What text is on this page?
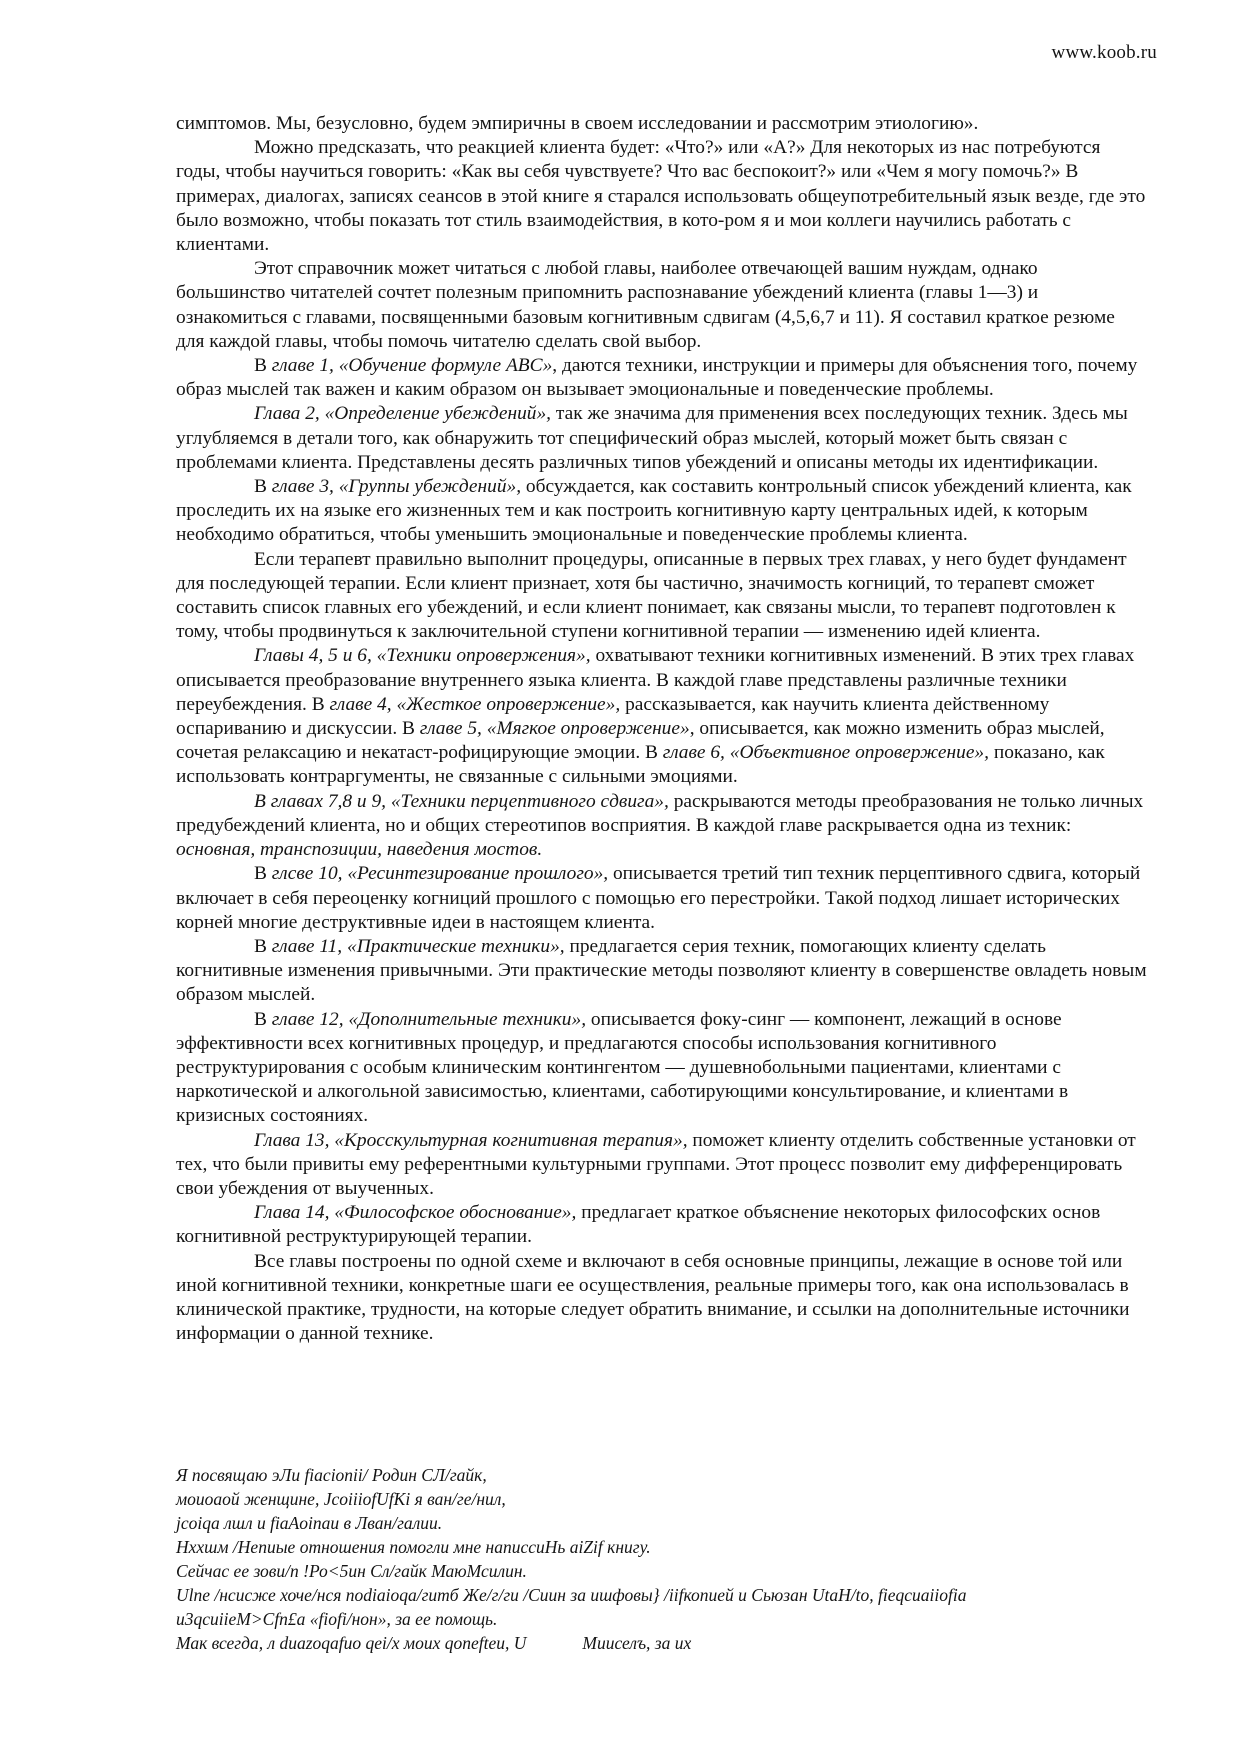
www.koob.ru

симптомов. Мы, безусловно, будем эмпиричны в своем исследовании и рассмотрим этиологию».

Можно предсказать, что реакцией клиента будет: «Что?» или «А?» Для некоторых из нас потребуются годы, чтобы научиться говорить: «Как вы себя чувствуете? Что вас беспокоит?» или «Чем я могу помочь?» В примерах, диалогах, записях сеансов в этой книге я старался использовать общеупотребительный язык везде, где это было возможно, чтобы показать тот стиль взаимодействия, в кото-ром я и мои коллеги научились работать с клиентами.

Этот справочник может читаться с любой главы, наиболее отвечающей вашим нуждам, однако большинство читателей сочтет полезным припомнить распознавание убеждений клиента (главы 1—3) и ознакомиться с главами, посвященными базовым когнитивным сдвигам (4,5,6,7 и 11). Я составил краткое резюме для каждой главы, чтобы помочь читателю сделать свой выбор.

В главе 1, «Обучение формуле ABC», даются техники, инструкции и примеры для объяснения того, почему образ мыслей так важен и каким образом он вызывает эмоциональные и поведенческие проблемы.

Глава 2, «Определение убеждений», так же значима для применения всех последующих техник. Здесь мы углубляемся в детали того, как обнаружить тот специфический образ мыслей, который может быть связан с проблемами клиента. Представлены десять различных типов убеждений и описаны методы их идентификации.

В главе 3, «Группы убеждений», обсуждается, как составить контрольный список убеждений клиента, как проследить их на языке его жизненных тем и как построить когнитивную карту центральных идей, к которым необходимо обратиться, чтобы уменьшить эмоциональные и поведенческие проблемы клиента.

Если терапевт правильно выполнит процедуры, описанные в первых трех главах, у него будет фундамент для последующей терапии. Если клиент признает, хотя бы частично, значимость когниций, то терапевт сможет составить список главных его убеждений, и если клиент понимает, как связаны мысли, то терапевт подготовлен к тому, чтобы продвинуться к заключительной ступени когнитивной терапии — изменению идей клиента.

Главы 4, 5 и 6, «Техники опровержения», охватывают техники когнитивных изменений. В этих трех главах описывается преобразование внутреннего языка клиента. В каждой главе представлены различные техники переубеждения. В главе 4, «Жесткое опровержение», рассказывается, как научить клиента действенному оспариванию и дискуссии. В главе 5, «Мягкое опровержение», описывается, как можно изменить образ мыслей, сочетая релаксацию и некатаст-рофицирующие эмоции. В главе 6, «Объективное опровержение», показано, как использовать контраргументы, не связанные с сильными эмоциями.

В главах 7,8 и 9, «Техники перцептивного сдвига», раскрываются методы преобразования не только личных предубеждений клиента, но и общих стереотипов восприятия. В каждой главе раскрывается одна из техник: основная, транспозиции, наведения мостов.

В глсве 10, «Ресинтезирование прошлого», описывается третий тип техник перцептивного сдвига, который включает в себя переоценку когниций прошлого с помощью его перестройки. Такой подход лишает исторических корней многие деструктивные идеи в настоящем клиента.

В главе 11, «Практические техники», предлагается серия техник, помогающих клиенту сделать когнитивные изменения привычными. Эти практические методы позволяют клиенту в совершенстве овладеть новым образом мыслей.

В главе 12, «Дополнительные техники», описывается фоку-синг — компонент, лежащий в основе эффективности всех когнитивных процедур, и предлагаются способы использования когнитивного реструктурирования с особым клиническим контингентом — душевнобольными пациентами, клиентами с наркотической и алкогольной зависимостью, клиентами, саботирующими консультирование, и клиентами в кризисных состояниях.

Глава 13, «Кросскультурная когнитивная терапия», поможет клиенту отделить собственные установки от тех, что были привиты ему референтными культурными группами. Этот процесс позволит ему дифференцировать свои убеждения от выученных.

Глава 14, «Философское обоснование», предлагает краткое объяснение некоторых философских основ когнитивной реструктурирующей терапии.

Все главы построены по одной схеме и включают в себя основные принципы, лежащие в основе той или иной когнитивной техники, конкретные шаги ее осуществления, реальные примеры того, как она использовалась в клинической практике, трудности, на которые следует обратить внимание, и ссылки на дополнительные источники информации о данной технике.

Я посвящаю эЛи fiacionii/ Родин СЛ/гайк,
моиоаой женщине, JcoiiiofUfKi я ван/ге/нил,
jcoiqa лшл и fiaAoinau в Лван/галии.
Нххшм /Непиые отношения помогли мне написсиНь aiZif книгу.
Сейчас ее зови/n !Ро<5ин Сл/гайк МаюМсилин.
Ulne /нсисже хоче/нся nodiaioqa/гитб Же/г/ги /Сиин за ишфовы} /iifкопией и Сьюзан UtaH/to, fieqcuaiiofia
u3qcuiieM>Cfn£a «fiofi/нон», за ее помощь.
Мак всегда, л duazoqafuo qei/x моих qonefteu, U	Мииселъ, за их
